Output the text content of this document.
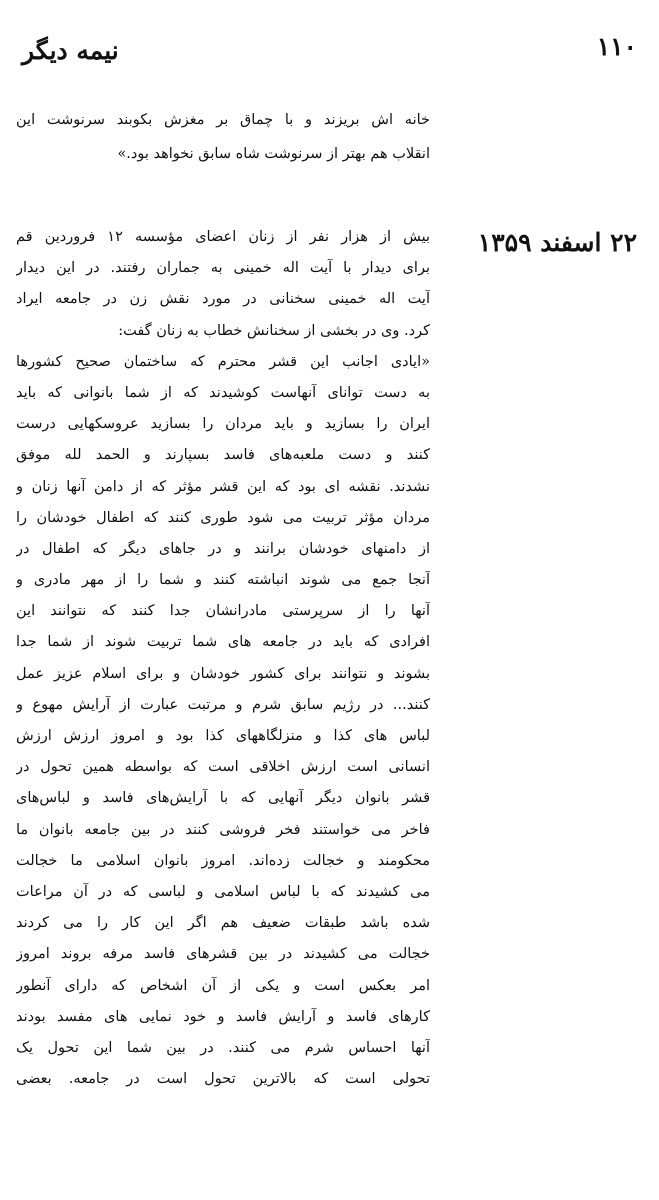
۱۱۰
نیمه دیگر
خانه اش بریزند و با چماق بر مغزش بکوبند سرنوشت این
انقلاب هم بهتر از سرنوشت شاه سابق نخواهد بود.»
۲۲ اسفند ۱۳۵۹
بیش از هزار نفر از زنان اعضای مؤسسه ۱۲ فروردین قم
برای دیدار با آیت اله خمینی به جماران رفتند. در این دیدار
آیت اله خمینی سخنانی در مورد نقش زن در جامعه ایراد
کرد. وی در بخشی از سخنانش خطاب به زنان گفت:
«ایادی اجانب این قشر محترم که ساختمان صحیح کشورها
به دست توانای آنهاست کوشیدند که از شما بانوانی که باید
ایران را بسازید و باید مردان را بسازید عروسکهایی درست
کنند و دست ملعبه‌های فاسد بسپارند و الحمد لله موفق
نشدند. نقشه ای بود که این قشر مؤثر که از دامن آنها زنان و
مردان مؤثر تربیت می شود طوری کنند که اطفال خودشان را
از دامنهای خودشان برانند و در جاهای دیگر که اطفال در
آنجا جمع می شوند انباشته کنند و شما را از مهر مادری و
آنها را از سرپرستی مادرانشان جدا کنند که نتوانند این
افرادی که باید در جامعه های شما تربیت شوند از شما جدا
بشوند و نتوانند برای کشور خودشان و برای اسلام عزیز عمل
کنند... در رژیم سابق شرم و مرتبت عبارت از آرایش مهوع و
لباس های کذا و منزلگاههای کذا بود و امروز ارزش ارزش
انسانی است ارزش اخلاقی است که بواسطه همین تحول در
قشر بانوان دیگر آنهایی که با آرایش‌های فاسد و لباس‌های
فاخر می خواستند فخر فروشی کنند در بین جامعه بانوان ما
محکومند و خجالت زده‌اند. امروز بانوان اسلامی ما خجالت
می کشیدند که با لباس اسلامی و لباسی که در آن مراعات
شده باشد طبقات ضعیف هم اگر این کار را می کردند
خجالت می کشیدند در بین قشرهای فاسد مرفه بروند امروز
امر بعکس است و یکی از آن اشخاص که دارای آنطور
کارهای فاسد و آرایش فاسد و خود نمایی های مفسد بودند
آنها احساس شرم می کنند. در بین شما این تحول یک
تحولی است که بالاترین تحول است در جامعه. بعضی
